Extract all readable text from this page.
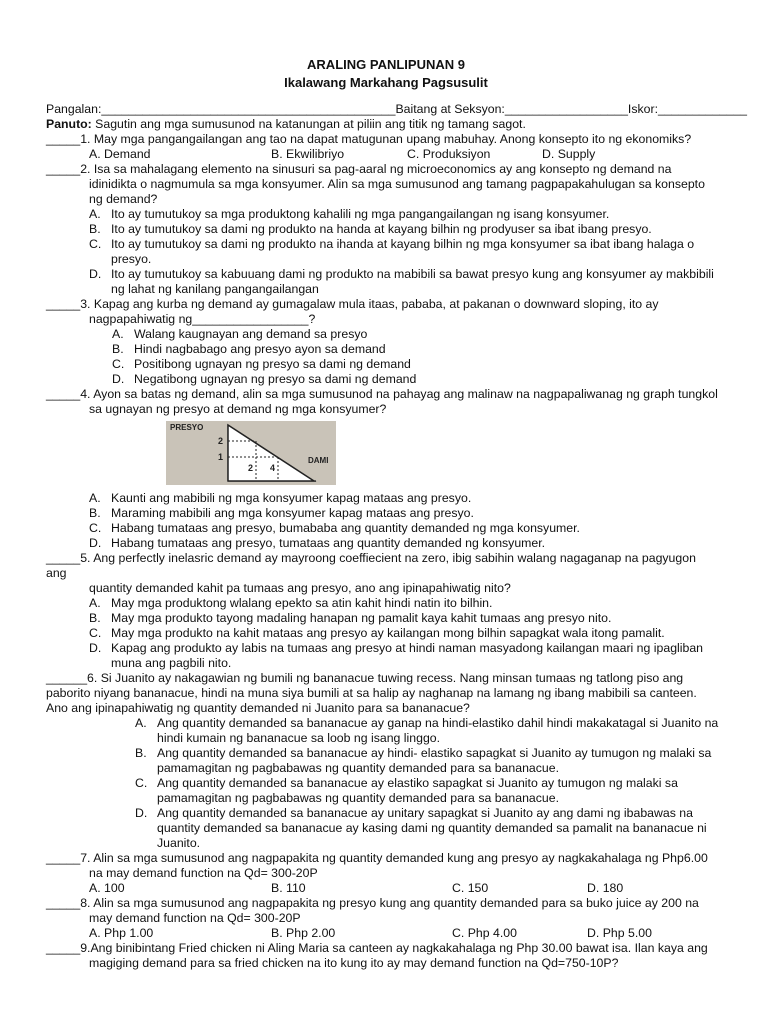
ARALING PANLIPUNAN 9
Ikalawang Markahang Pagsusulit
Pangalan:___________________________________________Baitang at Seksyon:__________________Iskor:_____________
Panuto: Sagutin ang mga sumusunod na katanungan at piliin ang titik ng tamang sagot.
_____1. May mga pangangailangan ang tao na dapat matugunan upang mabuhay. Anong konsepto ito ng ekonomiks?
A. Demand	B. Ekwilibriyo	C. Produksiyon	D. Supply
_____2. Isa sa mahalagang elemento na sinusuri sa pag-aaral ng microeconomics ay ang konsepto ng demand na
idinidikta o nagmumula sa mga konsyumer. Alin sa mga sumusunod ang tamang pagpapakahulugan sa konsepto
ng demand?
A. Ito ay tumutukoy sa mga produktong kahalili ng mga pangangailangan ng isang konsyumer.
B. Ito ay tumutukoy sa dami ng produkto na handa at kayang bilhin ng prodyuser sa ibat ibang presyo.
C. Ito ay tumutukoy sa dami ng produkto na ihanda at kayang bilhin ng mga konsyumer sa ibat ibang halaga o presyo.
D. Ito ay tumutukoy sa kabuuang dami ng produkto na mabibili sa bawat presyo kung ang konsyumer ay makbibili ng lahat ng kanilang pangangailangan
_____3. Kapag ang kurba ng demand ay gumagalaw mula itaas, pababa, at pakanan o downward sloping, ito ay
nagpapahiwatig ng_________________?
A. Walang kaugnayan ang demand sa presyo
B. Hindi nagbabago ang presyo ayon sa demand
C. Positibong ugnayan ng presyo sa dami ng demand
D. Negatibong ugnayan ng presyo sa dami ng demand
_____4. Ayon sa batas ng demand, alin sa mga sumusunod na pahayag ang malinaw na nagpapaliwanag ng graph tungkol
sa ugnayan ng presyo at demand ng mga konsyumer?
PRESYO
2
1
2 4
DAMI
A. Kaunti ang mabibili ng mga konsyumer kapag mataas ang presyo.
B. Maraming mabibili ang mga konsyumer kapag mataas ang presyo.
C. Habang tumataas ang presyo, bumababa ang quantity demanded ng mga konsyumer.
D. Habang tumataas ang presyo, tumataas ang quantity demanded ng konsyumer.
_____5. Ang perfectly inelasric demand ay mayroong coeffiecient na zero, ibig sabihin walang nagaganap na pagyugon
ang
quantity demanded kahit pa tumaas ang presyo, ano ang ipinapahiwatig nito?
A. May mga produktong wlalang epekto sa atin kahit hindi natin ito bilhin.
B. May mga produkto tayong madaling hanapan ng pamalit kaya kahit tumaas ang presyo nito.
C. May mga produkto na kahit mataas ang presyo ay kailangan mong bilhin sapagkat wala itong pamalit.
D. Kapag ang produkto ay labis na tumaas ang presyo at hindi naman masyadong kailangan maari ng ipagliban muna ang pagbili nito.
______6. Si Juanito ay nakagawian ng bumili ng bananacue tuwing recess. Nang minsan tumaas ng tatlong piso ang
paborito niyang bananacue, hindi na muna siya bumili at sa halip ay naghanap na lamang ng ibang mabibili sa canteen.
Ano ang ipinapahiwatig ng quantity demanded ni Juanito para sa bananacue?
A. Ang quantity demanded sa bananacue ay ganap na hindi-elastiko dahil hindi makakatagal si Juanito na hindi kumain ng bananacue sa loob ng isang linggo.
B. Ang quantity demanded sa bananacue ay hindi- elastiko sapagkat si Juanito ay tumugon ng malaki sa pamamagitan ng pagbabawas ng quantity demanded para sa bananacue.
C. Ang quantity demanded sa bananacue ay elastiko sapagkat si Juanito ay tumugon ng malaki sa pamamagitan ng pagbabawas ng quantity demanded para sa bananacue.
D. Ang quantity demanded sa bananacue ay unitary sapagkat si Juanito ay ang dami ng ibabawas na quantity demanded sa bananacue ay kasing dami ng quantity demanded sa pamalit na bananacue ni Juanito.
_____7. Alin sa mga sumusunod ang nagpapakita ng quantity demanded kung ang presyo ay nagkakahalaga ng Php6.00
na may demand function na Qd= 300-20P
A. 100	B. 110	C. 150	D. 180
_____8. Alin sa mga sumusunod ang nagpapakita ng presyo kung ang quantity demanded para sa buko juice ay 200 na
may demand function na Qd= 300-20P
A. Php 1.00	B. Php 2.00	C. Php 4.00	D. Php 5.00
_____9.Ang binibintang Fried chicken ni Aling Maria sa canteen ay nagkakahalaga ng Php 30.00 bawat isa. Ilan kaya ang
magiging demand para sa fried chicken na ito kung ito ay may demand function na Qd=750-10P?
